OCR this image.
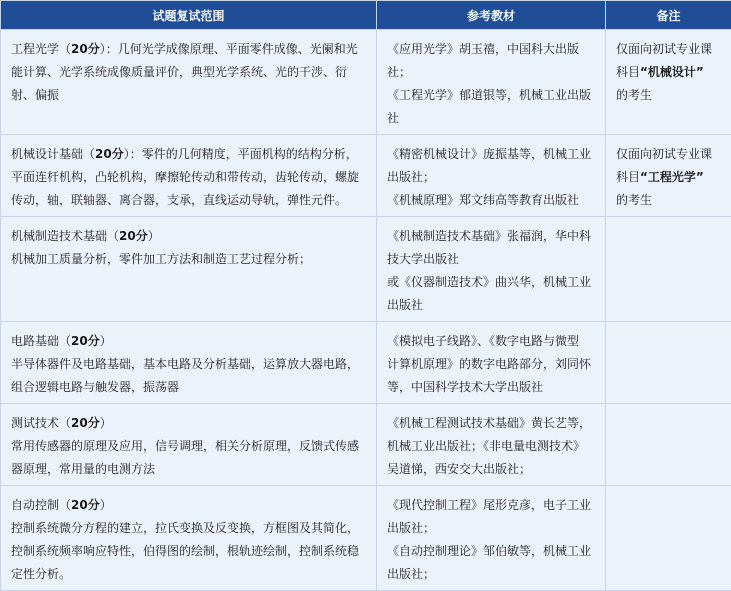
试题复试范围	参考教材	备注

工程光学（20分）：几何光学成像原理、平面零件成像、光阑和光
能计算、光学系统成像质量评价，典型光学系统、光的干涉、衍
射、偏振	《应用光学》胡玉禧，中国科大出版
社；
《工程光学》郁道银等，机械工业出版
社	仅面向初试专业课
科目“机械设计”
的考生

机械设计基础（20分）：零件的几何精度，平面机构的结构分析，
平面连杆机构，凸轮机构，摩擦轮传动和带传动，齿轮传动，螺旋
传动，轴，联轴器、离合器，支承，直线运动导轨，弹性元件。	《精密机械设计》庞振基等，机械工业
出版社；
《机械原理》郑文纬高等教育出版社	仅面向初试专业课
科目“工程光学”
的考生

机械制造技术基础（20分）
机械加工质量分析，零件加工方法和制造工艺过程分析；	《机械制造技术基础》张福润，华中科
技大学出版社
或《仪器制造技术》曲兴华，机械工业
出版社	

电路基础（20分）
半导体器件及电路基础，基本电路及分析基础，运算放大器电路，
组合逻辑电路与触发器，振荡器	《模拟电子线路》、《数字电路与微型
计算机原理》的数字电路部分，刘同怀
等，中国科学技术大学出版社	

测试技术（20分）
常用传感器的原理及应用，信号调理，相关分析原理，反馈式传感
器原理，常用量的电测方法	《机械工程测试技术基础》黄长艺等，
机械工业出版社；《非电量电测技术》
吴道悌，西安交大出版社；	

自动控制（20分）
控制系统微分方程的建立，拉氏变换及反变换，方框图及其简化，
控制系统频率响应特性，伯得图的绘制，根轨迹绘制，控制系统稳
定性分析。	《现代控制工程》尾形克彦，电子工业
出版社；
《自动控制理论》邹伯敏等，机械工业
出版社；	
